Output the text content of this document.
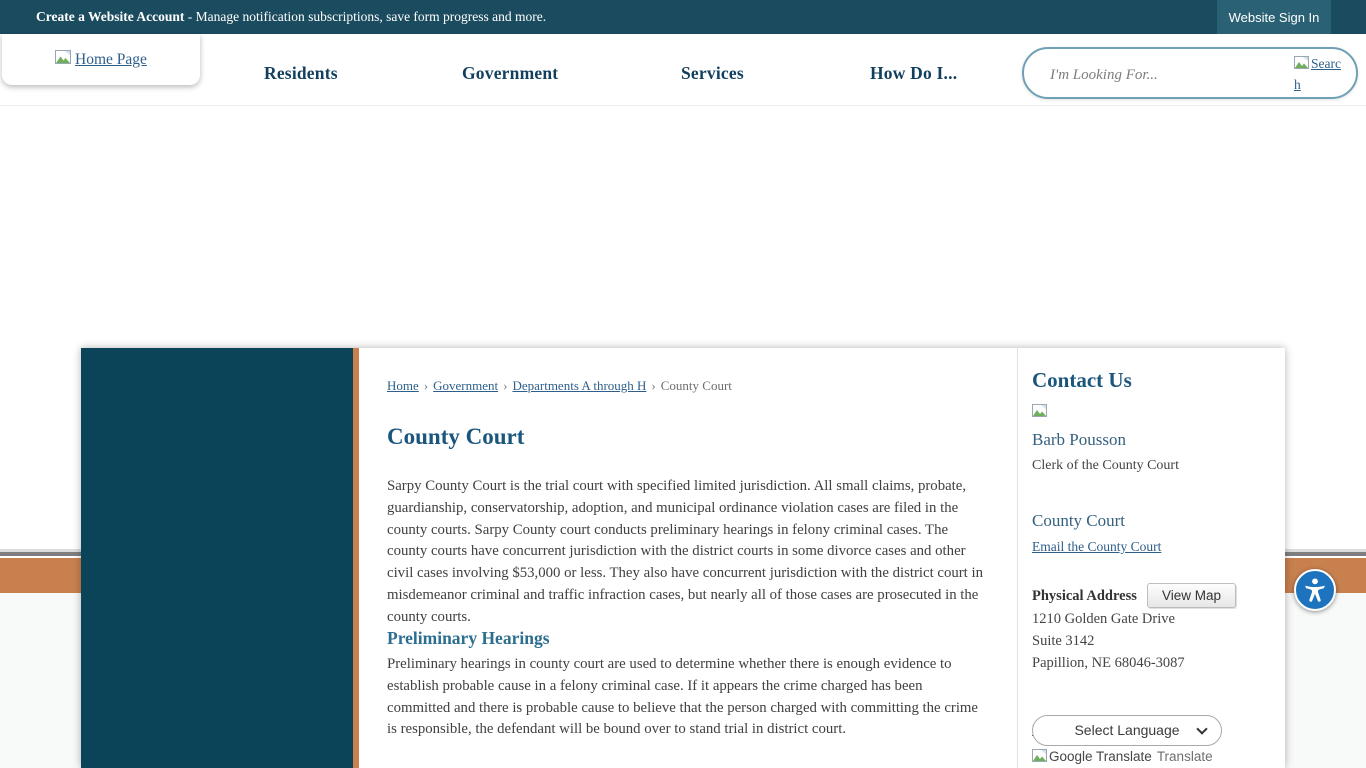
Create a Website Account - Manage notification subscriptions, save form progress and more.	Website Sign In
Home Page
Residents	Government	Services	How Do I...
I'm Looking For...	Search
Home › Government › Departments A through H › County Court
County Court

Sarpy County Court is the trial court with specified limited jurisdiction. All small claims, probate, guardianship, conservatorship, adoption, and municipal ordinance violation cases are filed in the county courts. Sarpy County court conducts preliminary hearings in felony criminal cases. The county courts have concurrent jurisdiction with the district courts in some divorce cases and other civil cases involving $53,000 or less. They also have concurrent jurisdiction with the district court in misdemeanor criminal and traffic infraction cases, but nearly all of those cases are prosecuted in the county courts.

Preliminary Hearings

Preliminary hearings in county court are used to determine whether there is enough evidence to establish probable cause in a felony criminal case. If it appears the crime charged has been committed and there is probable cause to believe that the person charged with committing the crime is responsible, the defendant will be bound over to stand trial in district court.

Contact Us
Barb Pousson
Clerk of the County Court
County Court
Email the County Court
Physical Address	View Map
1210 Golden Gate Drive
Suite 3142
Papillion, NE 68046-3087
Select Language
Google Translate Translate
